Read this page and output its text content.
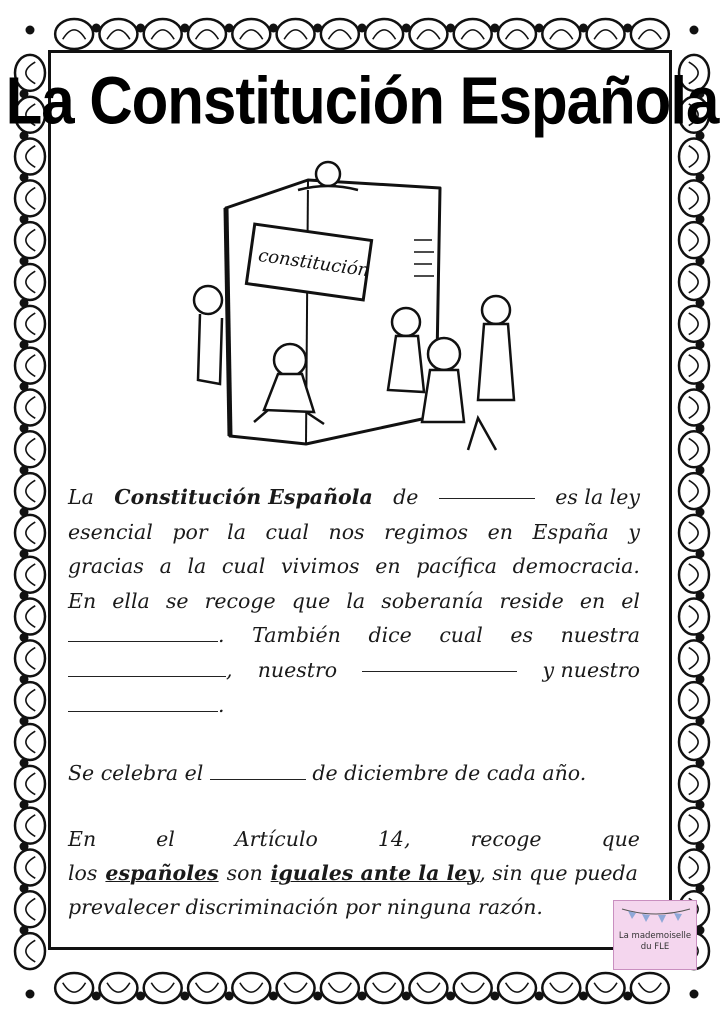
La Constitución Española
constitución
La Constitución Española de	es la ley
esencial por la cual nos regimos en España y
gracias a la cual vivimos en pacífica democracia.
En ella se recoge que la soberanía reside en el
. También dice cual es nuestra
, nuestro	y nuestro
.
Se celebra el	de diciembre de cada año.
En	el	Artículo	14,	recoge	que
los españoles son iguales ante la ley, sin que pueda
prevalecer discriminación por ninguna razón.
La mademoiselle
du FLE
